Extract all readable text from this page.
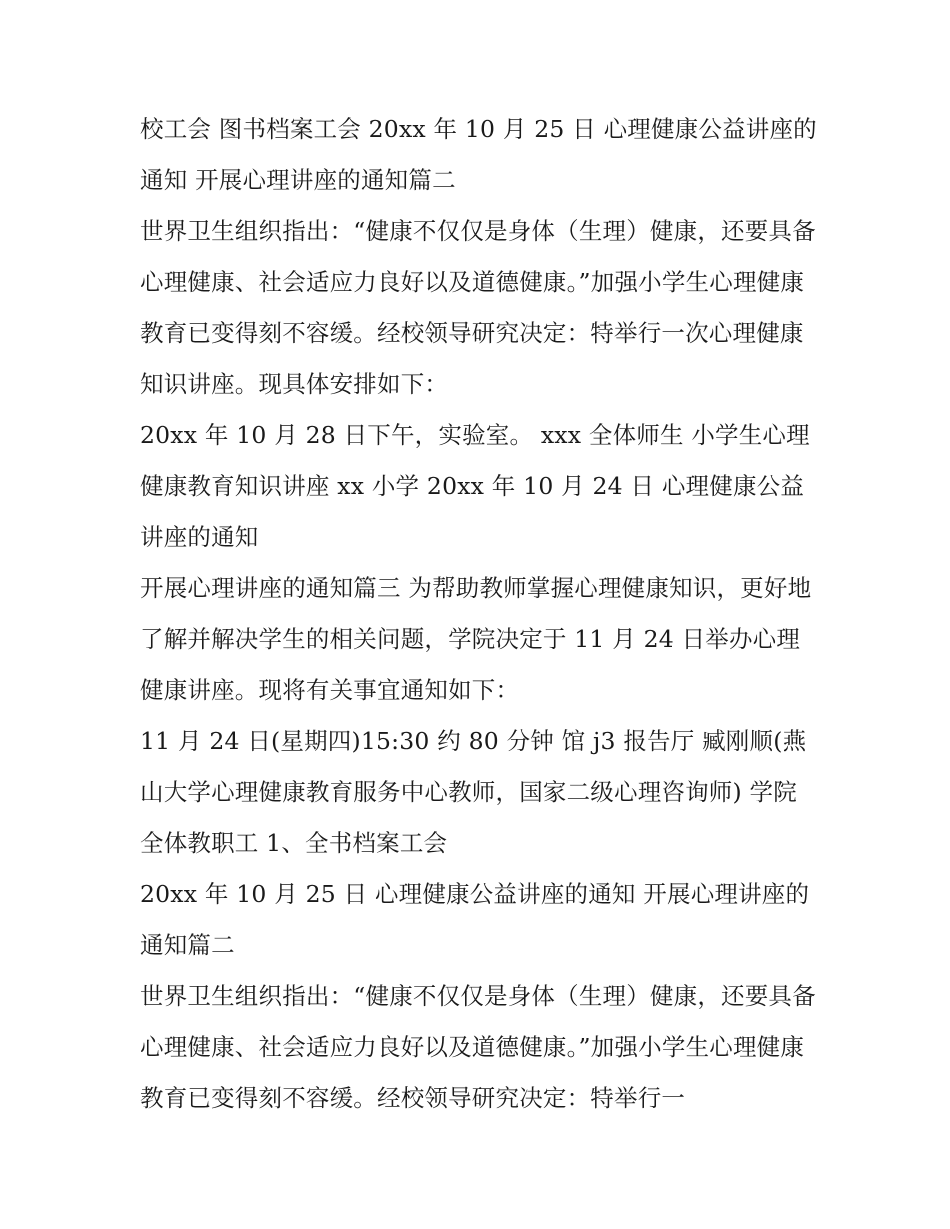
校工会 图书档案工会 20xx 年 10 月 25 日 心理健康公益讲座的通知 开展心理讲座的通知篇二

世界卫生组织指出：“健康不仅仅是身体（生理）健康，还要具备心理健康、社会适应力良好以及道德健康。”加强小学生心理健康教育已变得刻不容缓。经校领导研究决定：特举行一次心理健康知识讲座。现具体安排如下：

20xx 年 10 月 28 日下午，实验室。 xxx 全体师生 小学生心理健康教育知识讲座 xx 小学 20xx 年 10 月 24 日 心理健康公益讲座的通知

开展心理讲座的通知篇三 为帮助教师掌握心理健康知识，更好地了解并解决学生的相关问题，学院决定于 11 月 24 日举办心理健康讲座。现将有关事宜通知如下：

11 月 24 日(星期四)15:30 约 80 分钟 馆 j3 报告厅 臧刚顺(燕山大学心理健康教育服务中心教师，国家二级心理咨询师) 学院全体教职工 1、全书档案工会

20xx 年 10 月 25 日 心理健康公益讲座的通知 开展心理讲座的通知篇二

世界卫生组织指出：“健康不仅仅是身体（生理）健康，还要具备心理健康、社会适应力良好以及道德健康。”加强小学生心理健康教育已变得刻不容缓。经校领导研究决定：特举行一
